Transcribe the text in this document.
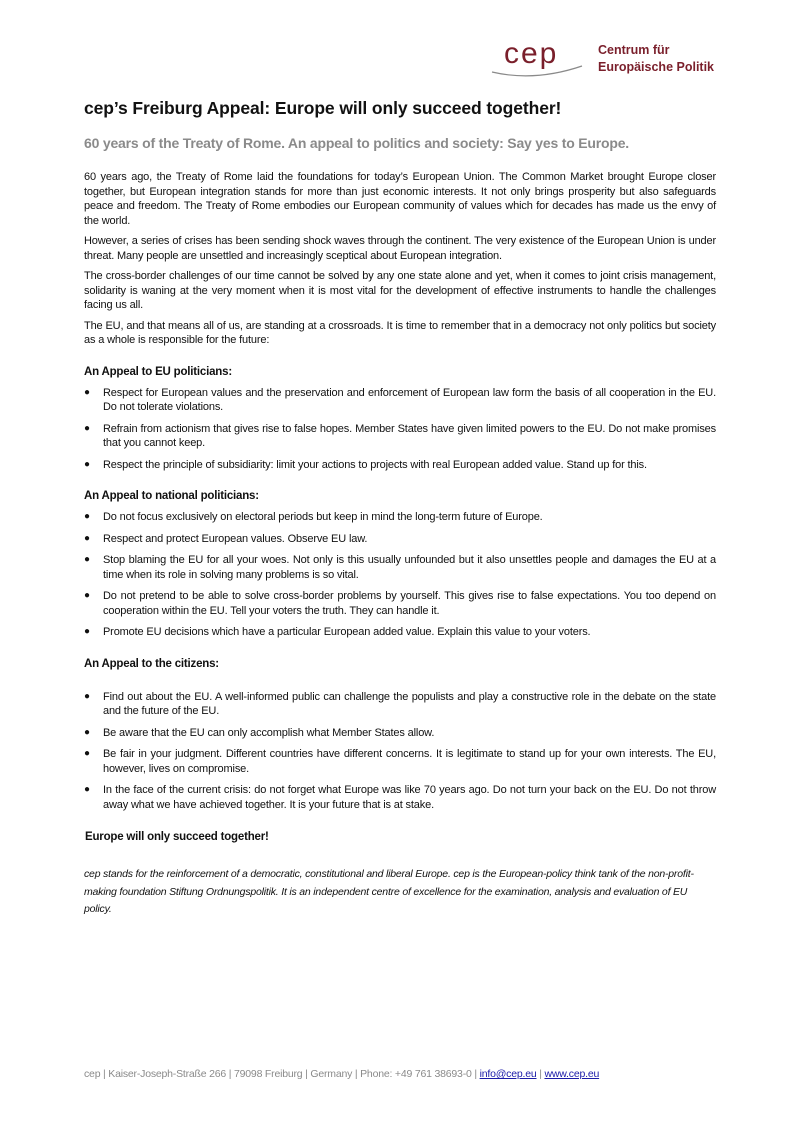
cep	Centrum für
Europäische Politik
cep’s Freiburg Appeal: Europe will only succeed together!
60 years of the Treaty of Rome. An appeal to politics and society: Say yes to Europe.

60 years ago, the Treaty of Rome laid the foundations for today’s European Union. The Common Market brought Europe closer together, but European integration stands for more than just economic interests. It not only brings prosperity but also safeguards peace and freedom. The Treaty of Rome embodies our European community of values which for decades has made us the envy of the world.

However, a series of crises has been sending shock waves through the continent. The very existence of the European Union is under threat. Many people are unsettled and increasingly sceptical about European integration.

The cross-border challenges of our time cannot be solved by any one state alone and yet, when it comes to joint crisis management, solidarity is waning at the very moment when it is most vital for the development of effective instruments to handle the challenges facing us all.

The EU, and that means all of us, are standing at a crossroads. It is time to remember that in a democracy not only politics but society as a whole is responsible for the future:

An Appeal to EU politicians:
● Respect for European values and the preservation and enforcement of European law form the basis of all cooperation in the EU. Do not tolerate violations.
● Refrain from actionism that gives rise to false hopes. Member States have given limited powers to the EU. Do not make promises that you cannot keep.
● Respect the principle of subsidiarity: limit your actions to projects with real European added value. Stand up for this.
An Appeal to national politicians:
● Do not focus exclusively on electoral periods but keep in mind the long-term future of Europe.
● Respect and protect European values. Observe EU law.
● Stop blaming the EU for all your woes. Not only is this usually unfounded but it also unsettles people and damages the EU at a time when its role in solving many problems is so vital.
● Do not pretend to be able to solve cross-border problems by yourself. This gives rise to false expectations. You too depend on cooperation within the EU. Tell your voters the truth. They can handle it.
● Promote EU decisions which have a particular European added value. Explain this value to your voters.
An Appeal to the citizens:
● Find out about the EU. A well-informed public can challenge the populists and play a constructive role in the debate on the state and the future of the EU.
● Be aware that the EU can only accomplish what Member States allow.
● Be fair in your judgment. Different countries have different concerns. It is legitimate to stand up for your own interests. The EU, however, lives on compromise.
● In the face of the current crisis: do not forget what Europe was like 70 years ago. Do not turn your back on the EU. Do not throw away what we have achieved together. It is your future that is at stake.
Europe will only succeed together!

cep stands for the reinforcement of a democratic, constitutional and liberal Europe. cep is the European-policy think tank of the non-profit-making foundation Stiftung Ordnungspolitik. It is an independent centre of excellence for the examination, analysis and evaluation of EU policy.

cep | Kaiser-Joseph-Straße 266 | 79098 Freiburg | Germany | Phone: +49 761 38693-0 | info@cep.eu | www.cep.eu
